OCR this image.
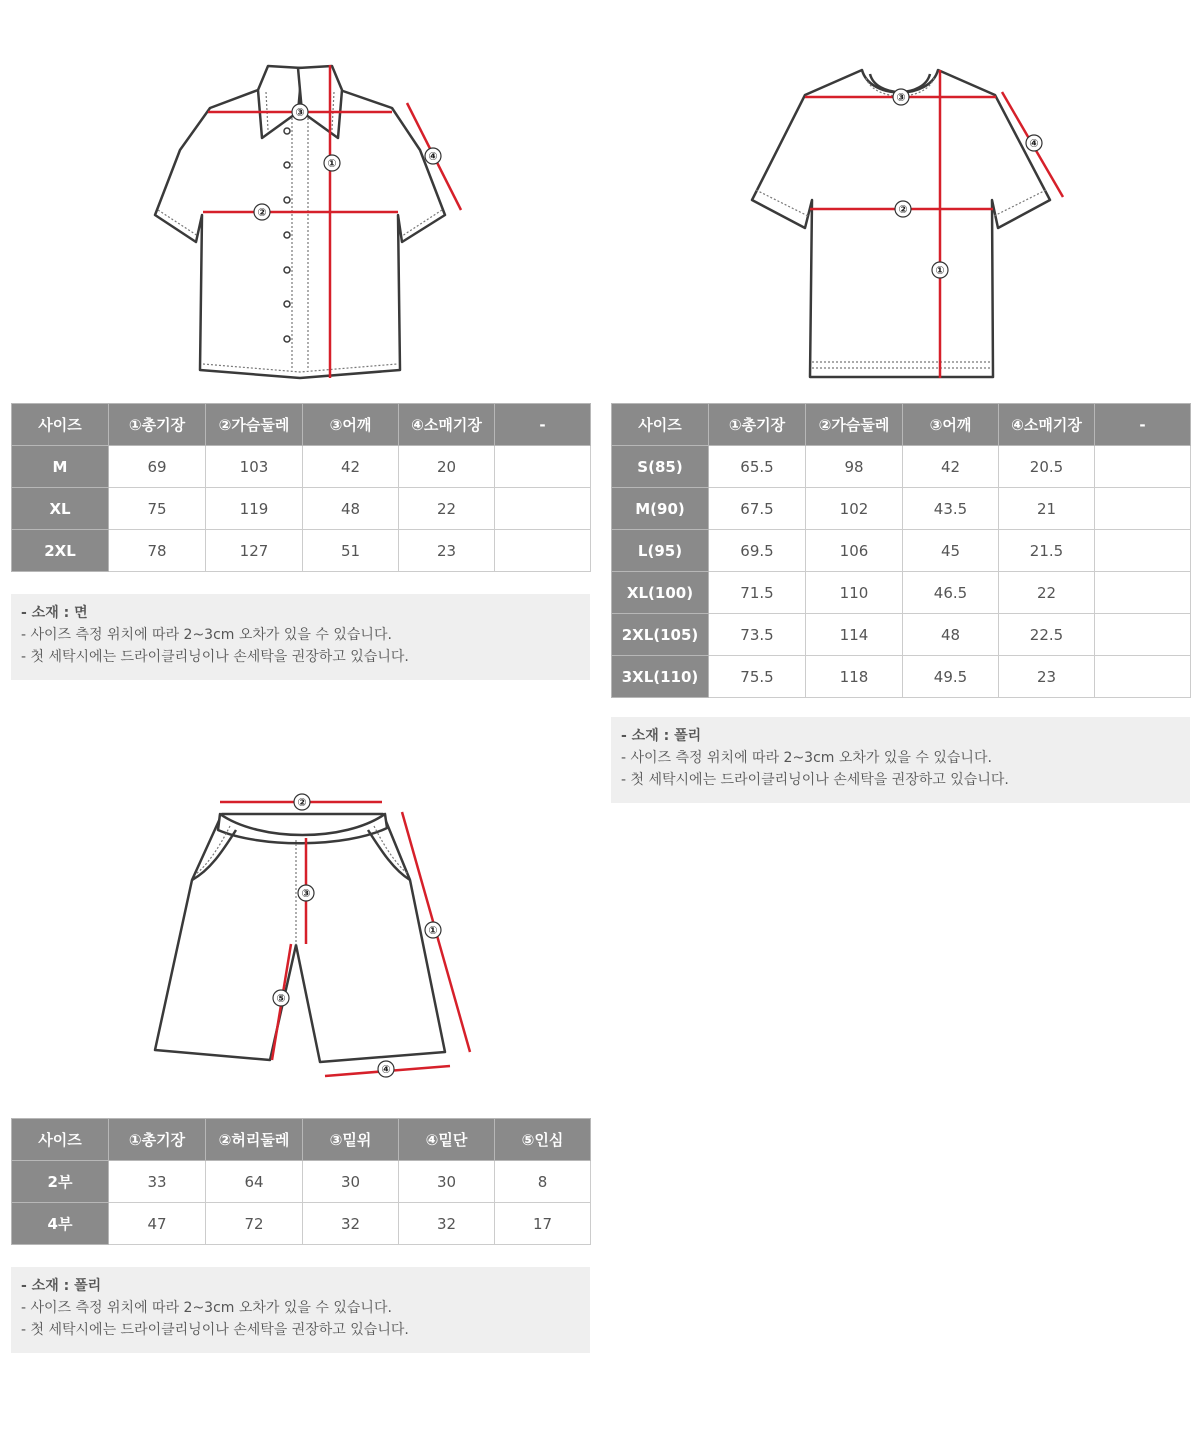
③
②
①
④
③
②
①
④
②
③
⑤
④
①
사이즈	①총기장	②가슴둘레	③어깨	④소매기장	-
M	69	103	42	20	
XL	75	119	48	22	
2XL	78	127	51	23	
- 소재 : 면
- 사이즈 측정 위치에 따라 2~3cm 오차가 있을 수 있습니다.
- 첫 세탁시에는 드라이클리닝이나 손세탁을 권장하고 있습니다.
사이즈	①총기장	②가슴둘레	③어깨	④소매기장	-
S(85)	65.5	98	42	20.5	
M(90)	67.5	102	43.5	21	
L(95)	69.5	106	45	21.5	
XL(100)	71.5	110	46.5	22	
2XL(105)	73.5	114	48	22.5	
3XL(110)	75.5	118	49.5	23	
- 소재 : 폴리
- 사이즈 측정 위치에 따라 2~3cm 오차가 있을 수 있습니다.
- 첫 세탁시에는 드라이클리닝이나 손세탁을 권장하고 있습니다.
사이즈	①총기장	②허리둘레	③밑위	④밑단	⑤인심
2부	33	64	30	30	8
4부	47	72	32	32	17
- 소재 : 폴리
- 사이즈 측정 위치에 따라 2~3cm 오차가 있을 수 있습니다.
- 첫 세탁시에는 드라이클리닝이나 손세탁을 권장하고 있습니다.
